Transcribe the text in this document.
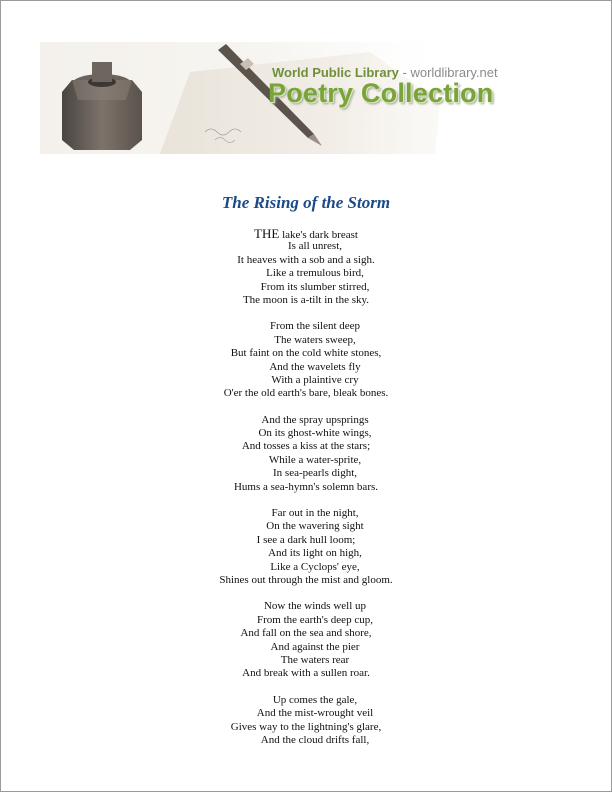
World Public Library - worldlibrary.net
Poetry Collection
The Rising of the Storm
THE lake's dark breast
Is all unrest,
It heaves with a sob and a sigh.
Like a tremulous bird,
From its slumber stirred,
The moon is a-tilt in the sky.
From the silent deep
The waters sweep,
But faint on the cold white stones,
And the wavelets fly
With a plaintive cry
O'er the old earth's bare, bleak bones.
And the spray upsprings
On its ghost-white wings,
And tosses a kiss at the stars;
While a water-sprite,
In sea-pearls dight,
Hums a sea-hymn's solemn bars.
Far out in the night,
On the wavering sight
I see a dark hull loom;
And its light on high,
Like a Cyclops' eye,
Shines out through the mist and gloom.
Now the winds well up
From the earth's deep cup,
And fall on the sea and shore,
And against the pier
The waters rear
And break with a sullen roar.
Up comes the gale,
And the mist-wrought veil
Gives way to the lightning's glare,
And the cloud drifts fall,
